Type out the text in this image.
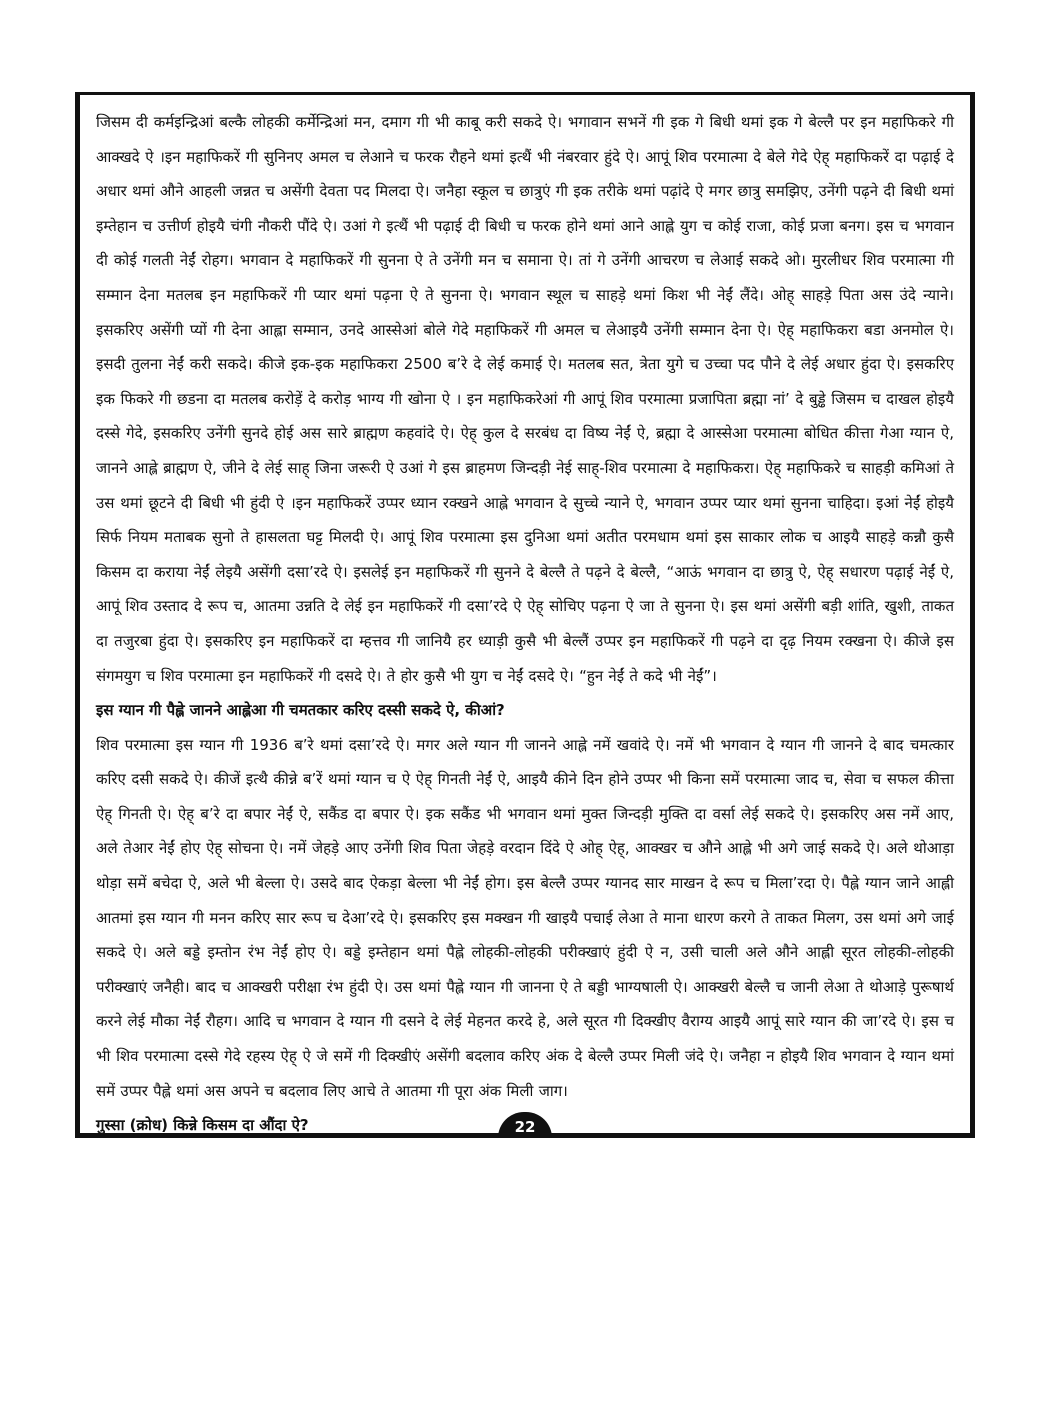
जिसम दी कर्मइन्द्रिआं बल्कै लोहकी कर्मेन्द्रिआं मन, दमाग गी भी काबू करी सकदे ऐ। भगावान सभनें गी इक गे बिधी थमां इक गे बेल्लै पर इन महाफिकरे गी आक्खदे ऐ ।इन महाफिकरें गी सुनिनए अमल च लेआने च फरक रौहने थमां इत्थैं भी नंबरवार हुंदे ऐ। आपूं शिव परमात्मा दे बेले गेदे ऐह् महाफिकरें दा पढ़ाई दे अधार थमां औने आहली जन्नत च असेंगी देवता पद मिलदा ऐ। जनैहा स्कूल च छात्रुएं गी इक तरीके थमां पढ़ांदे ऐ मगर छात्रु समझिए, उनेंगी पढ़ने दी बिधी थमां इम्तेहान च उत्तीर्ण होइयै चंगी नौकरी पौंदे ऐ। उआं गे इत्थैं भी पढ़ाई दी बिधी च फरक होने थमां आने आह्ले युग च कोई राजा, कोई प्रजा बनग। इस च भगवान दी कोई गलती नेईं रोहग। भगवान दे महाफिकरें गी सुनना ऐ ते उनेंगी मन च समाना ऐ। तां गे उनेंगी आचरण च लेआई सकदे ओ। मुरलीधर शिव परमात्मा गी सम्मान देना मतलब इन महाफिकरें गी प्यार थमां पढ़ना ऐ ते सुनना ऐ। भगवान स्थूल च साहड़े थमां किश भी नेईं लैंदे। ओह् साहड़े पिता अस उंदे न्याने। इसकरिए असेंगी प्यों गी देना आह्ला सम्मान, उनदे आस्सेआं बोले गेदे महाफिकरें गी अमल च लेआइयै उनेंगी सम्मान देना ऐ। ऐह् महाफिकरा बडा अनमोल ऐ। इसदी तुलना नेईं करी सकदे। कीजे इक-इक महाफिकरा 2500 ब’रे दे लेई कमाई ऐ। मतलब सत, त्रेता युगे च उच्चा पद पौने दे लेई अधार हुंदा ऐ। इसकरिए इक फिकरे गी छडना दा मतलब करोड़ें दे करोड़ भाग्य गी खोना ऐ । इन महाफिकरेआं गी आपूं शिव परमात्मा प्रजापिता ब्रह्मा नां’ दे बुड्ढे जिसम च दाखल होइयै दस्से गेदे, इसकरिए उनेंगी सुनदे होई अस सारे ब्राह्मण कहवांदे ऐ। ऐह् कुल दे सरबंध दा विष्य नेईं ऐ, ब्रह्मा दे आस्सेआ परमात्मा बोधित कीत्ता गेआ ग्यान ऐ, जानने आह्ले ब्राह्मण ऐ, जीने दे लेई साह् जिना जरूरी ऐ उआं गे इस ब्राहमण जिन्दड़ी नेई साह्-शिव परमात्मा दे महाफिकरा। ऐह् महाफिकरे च साहड़ी कमिआं ते उस थमां छूटने दी बिधी भी हुंदी ऐ ।इन महाफिकरें उप्पर ध्यान रक्खने आह्ले भगवान दे सुच्चे न्याने ऐ, भगवान उप्पर प्यार थमां सुनना चाहिदा। इआं नेईं होइयै सिर्फ नियम मताबक सुनो ते हासलता घट्ट मिलदी ऐ। आपूं शिव परमात्मा इस दुनिआ थमां अतीत परमधाम थमां इस साकार लोक च आइयै साहड़े कन्नौ कुसै किसम दा कराया नेईं लेइयै असेंगी दसा’रदे ऐ। इसलेई इन महाफिकरें गी सुनने दे बेल्लै ते पढ़ने दे बेल्लै, “आऊं भगवान दा छात्रु ऐ, ऐह् सधारण पढ़ाई नेईं ऐ, आपूं शिव उस्ताद दे रूप च, आतमा उन्नति दे लेई इन महाफिकरें गी दसा’रदे ऐ ऐह् सोचिए पढ़ना ऐ जा ते सुनना ऐ। इस थमां असेंगी बड़ी शांति, खुशी, ताकत दा तजुरबा हुंदा ऐ। इसकरिए इन महाफिकरें दा म्हत्तव गी जानियै हर ध्याड़ी कुसै भी बेल्लैं उप्पर इन महाफिकरें गी पढ़ने दा दृढ़ नियम रक्खना ऐ। कीजे इस संगमयुग च शिव परमात्मा इन महाफिकरें गी दसदे ऐ। ते होर कुसै भी युग च नेईं दसदे ऐ। “हुन नेईं ते कदे भी नेईं”।

इस ग्यान गी पैह्ले जानने आह्लेआ गी चमतकार करिए दस्सी सकदे ऐ, कीआं?

शिव परमात्मा इस ग्यान गी 1936 ब’रे थमां दसा’रदे ऐ। मगर अले ग्यान गी जानने आह्ले नमें खवांदे ऐ। नमें भी भगवान दे ग्यान गी जानने दे बाद चमत्कार करिए दसी सकदे ऐ। कीजें इत्थै कीन्ने ब’रें थमां ग्यान च ऐ ऐह् गिनती नेईं ऐ, आइयै कीने दिन होने उप्पर भी किना समें परमात्मा जाद च, सेवा च सफल कीत्ता ऐह् गिनती ऐ। ऐह् ब’रे दा बपार नेईं ऐ, सकैंड दा बपार ऐ। इक सकैंड भी भगवान थमां मुक्त जिन्दड़ी मुक्ति दा वर्सा लेई सकदे ऐ। इसकरिए अस नमें आए, अले तेआर नेईं होए ऐह् सोचना ऐ। नमें जेहड़े आए उनेंगी शिव पिता जेहड़े वरदान दिंदे ऐ ओह् ऐह्, आक्खर च औने आह्ले भी अगे जाई सकदे ऐ। अले थोआड़ा थोड़ा समें बचेदा ऐ, अले भी बेल्ला ऐ। उसदे बाद ऐकड़ा बेल्ला भी नेईं होग। इस बेल्लै उप्पर ग्यानद सार माखन दे रूप च मिला’रदा ऐ। पैह्ले ग्यान जाने आह्ली आतमां इस ग्यान गी मनन करिए सार रूप च देआ’रदे ऐ। इसकरिए इस मक्खन गी खाइयै पचाई लेआ ते माना धारण करगे ते ताकत मिलग, उस थमां अगे जाई सकदे ऐ। अले बड्डे इम्तोन रंभ नेईं होए ऐ। बड्डे इम्तेहान थमां पैह्ले लोहकी-लोहकी परीक्खाएं हुंदी ऐ न, उसी चाली अले औने आह्ली सूरत लोहकी-लोहकी परीक्खाएं जनैही। बाद च आक्खरी परीक्षा रंभ हुंदी ऐ। उस थमां पैह्ले ग्यान गी जानना ऐ ते बड्डी भाग्यषाली ऐ। आक्खरी बेल्लै च जानी लेआ ते थोआड़े पुरूषार्थ करने लेई मौका नेईं रौहग। आदि च भगवान दे ग्यान गी दसने दे लेई मेहनत करदे हे, अले सूरत गी दिक्खीए वैराग्य आइयै आपूं सारे ग्यान की जा’रदे ऐ। इस च भी शिव परमात्मा दस्से गेदे रहस्य ऐह् ऐ जे समें गी दिक्खीएं असेंगी बदलाव करिए अंक दे बेल्लै उप्पर मिली जंदे ऐ। जनैहा न होइयै शिव भगवान दे ग्यान थमां समें उप्पर पैह्ले थमां अस अपने च बदलाव लिए आचे ते आतमा गी पूरा अंक मिली जाग।

गुस्सा (क्रोध) किन्ने किसम दा औंदा ऐ?	22
